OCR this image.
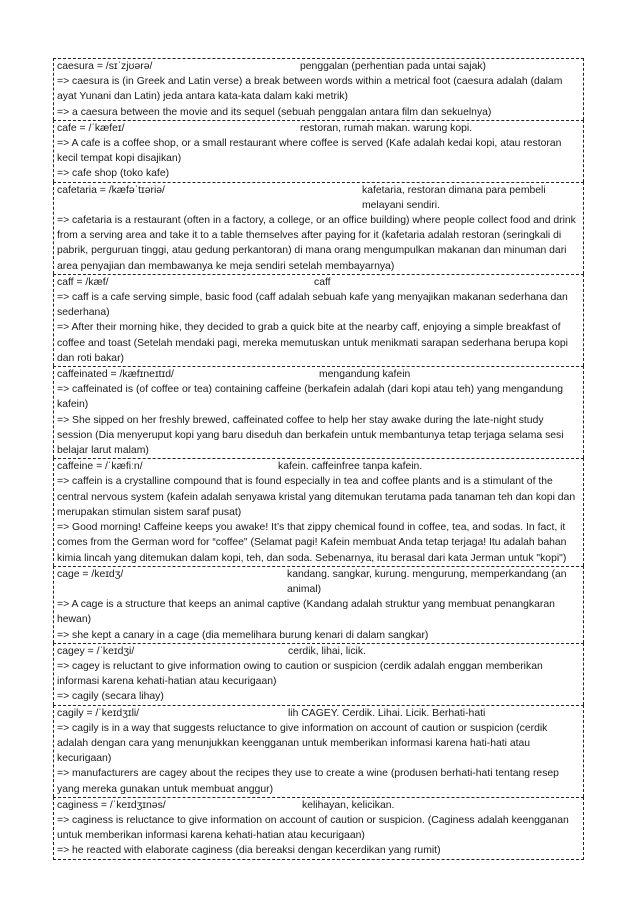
caesura = /sɪˈzjʊərə/	penggalan (perhentian pada untai sajak)
=> caesura is (in Greek and Latin verse) a break between words within a metrical foot (caesura adalah (dalam ayat Yunani dan Latin) jeda antara kata-kata dalam kaki metrik)
=> a caesura between the movie and its sequel (sebuah penggalan antara film dan sekuelnya)
cafe = /ˈkæfeɪ/	restoran, rumah makan. warung kopi.
=> A cafe is a coffee shop, or a small restaurant where coffee is served (Kafe adalah kedai kopi, atau restoran kecil tempat kopi disajikan)
=> cafe shop (toko kafe)
cafetaria = /kæfəˈtɪəriə/	kafetaria, restoran dimana para pembeli melayani sendiri.
=> cafetaria is a restaurant (often in a factory, a college, or an office building) where people collect food and drink from a serving area and take it to a table themselves after paying for it (kafetaria adalah restoran (seringkali di pabrik, perguruan tinggi, atau gedung perkantoran) di mana orang mengumpulkan makanan dan minuman dari area penyajian dan membawanya ke meja sendiri setelah membayarnya)
caff = /kæf/	caff
=> caff is a cafe serving simple, basic food (caff adalah sebuah kafe yang menyajikan makanan sederhana dan sederhana)
=> After their morning hike, they decided to grab a quick bite at the nearby caff, enjoying a simple breakfast of coffee and toast (Setelah mendaki pagi, mereka memutuskan untuk menikmati sarapan sederhana berupa kopi dan roti bakar)
caffeinated = /kæfɪneɪtɪd/	mengandung kafein
=> caffeinated is (of coffee or tea) containing caffeine (berkafein adalah (dari kopi atau teh) yang mengandung kafein)
=> She sipped on her freshly brewed, caffeinated coffee to help her stay awake during the late-night study session (Dia menyeruput kopi yang baru diseduh dan berkafein untuk membantunya tetap terjaga selama sesi belajar larut malam)
caffeine = /ˈkæfiːn/	kafein. caffeinfree tanpa kafein.
=> caffein is a crystalline compound that is found especially in tea and coffee plants and is a stimulant of the central nervous system (kafein adalah senyawa kristal yang ditemukan terutama pada tanaman teh dan kopi dan merupakan stimulan sistem saraf pusat)
=> Good morning! Caffeine keeps you awake! It’s that zippy chemical found in coffee, tea, and sodas. In fact, it comes from the German word for “coffee" (Selamat pagi! Kafein membuat Anda tetap terjaga! Itu adalah bahan kimia lincah yang ditemukan dalam kopi, teh, dan soda. Sebenarnya, itu berasal dari kata Jerman untuk "kopi")
cage = /keɪdʒ/	kandang. sangkar, kurung. mengurung, memperkandang (an animal)
=> A cage is a structure that keeps an animal captive (Kandang adalah struktur yang membuat penangkaran hewan)
=> she kept a canary in a cage (dia memelihara burung kenari di dalam sangkar)
cagey = /ˈkeɪdʒi/	cerdik, lihai, licik.
=> cagey is reluctant to give information owing to caution or suspicion (cerdik adalah enggan memberikan informasi karena kehati-hatian atau kecurigaan)
=> cagily (secara lihay)
cagily = /ˈkeɪdʒɪli/	lih CAGEY. Cerdik. Lihai. Licik. Berhati-hati
=> cagily is in a way that suggests reluctance to give information on account of caution or suspicion (cerdik adalah dengan cara yang menunjukkan keengganan untuk memberikan informasi karena hati-hati atau kecurigaan)
=> manufacturers are cagey about the recipes they use to create a wine (produsen berhati-hati tentang resep yang mereka gunakan untuk membuat anggur)
caginess = /ˈkeɪdʒɪnəs/	kelihayan, kelicikan.
=> caginess is reluctance to give information on account of caution or suspicion. (Caginess adalah keengganan untuk memberikan informasi karena kehati-hatian atau kecurigaan)
=> he reacted with elaborate caginess (dia bereaksi dengan kecerdikan yang rumit)
